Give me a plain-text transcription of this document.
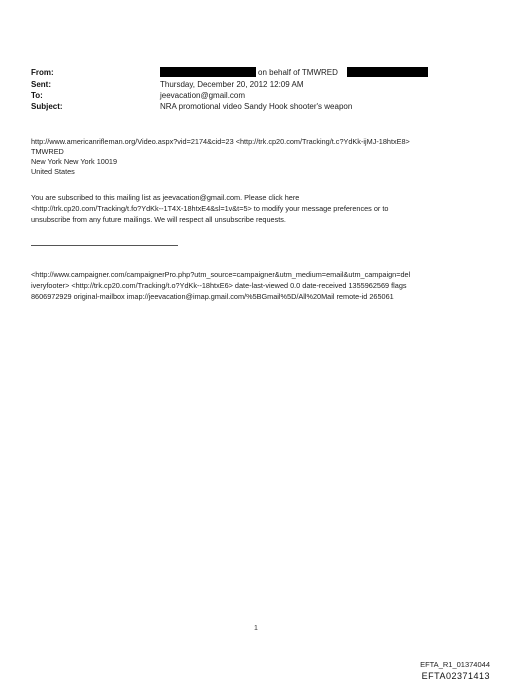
From:	on behalf of TMWRED
Sent:	Thursday, December 20, 2012 12:09 AM
To:	jeevacation@gmail.com
Subject:	NRA promotional video Sandy Hook shooter's weapon
http://www.americanrifleman.org/Video.aspx?vid=2174&cid=23 <http://trk.cp20.com/Tracking/t.c?YdKk-ijMJ-18htxE8>
TMWRED
New York New York 10019
United States
You are subscribed to this mailing list as jeevacation@gmail.com. Please click here
<http://trk.cp20.com/Tracking/t.fo?YdKk--1T4X-18htxE4&sl=1v&t=5> to modify your message preferences or to
unsubscribe from any future mailings. We will respect all unsubscribe requests.
<http://www.campaigner.com/campaignerPro.php?utm_source=campaigner&utm_medium=email&utm_campaign=del
iveryfooter> <http://trk.cp20.com/Tracking/t.o?YdKk--18htxE6> date-last-viewed 0.0 date-received 1355962569 flags
8606972929 original-mailbox imap://jeevacation@imap.gmail.com/%5BGmail%5D/All%20Mail remote-id 265061
1
EFTA_R1_01374044
EFTA02371413
